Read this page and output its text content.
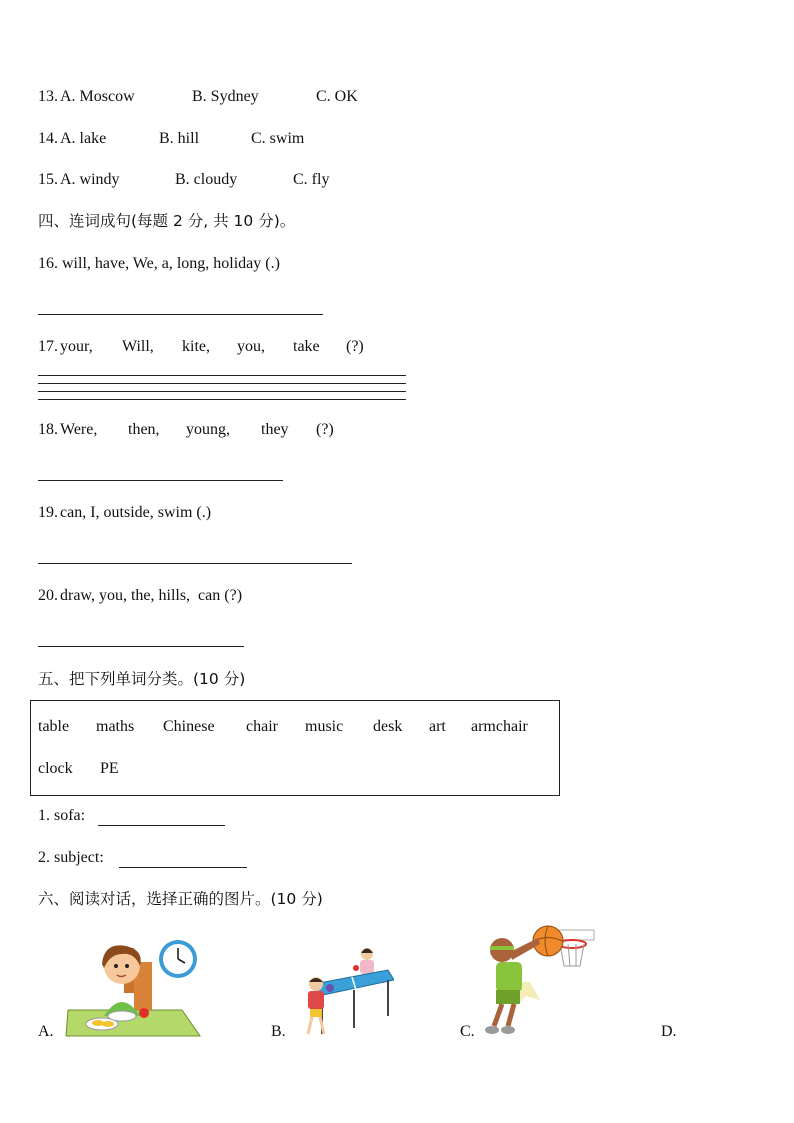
13. A. Moscow	B. Sydney	C. OK
14. A. lake	B. hill	C. swim
15. A. windy	B. cloudy	C. fly
四、连词成句(每题 2 分, 共 10 分)。
16. will, have, We, a, long, holiday (.)
17. your, Will, kite, you, take (?)
18. Were, then, young, they (?)
19. can, I, outside, swim (.)
20. draw, you, the, hills,  can (?)
五、把下列单词分类。(10 分)
table maths Chinese chair music desk art armchair
clock PE
1. sofa:
2. subject:
六、阅读对话，选择正确的图片。(10 分)
A.	B.	C.	D.
